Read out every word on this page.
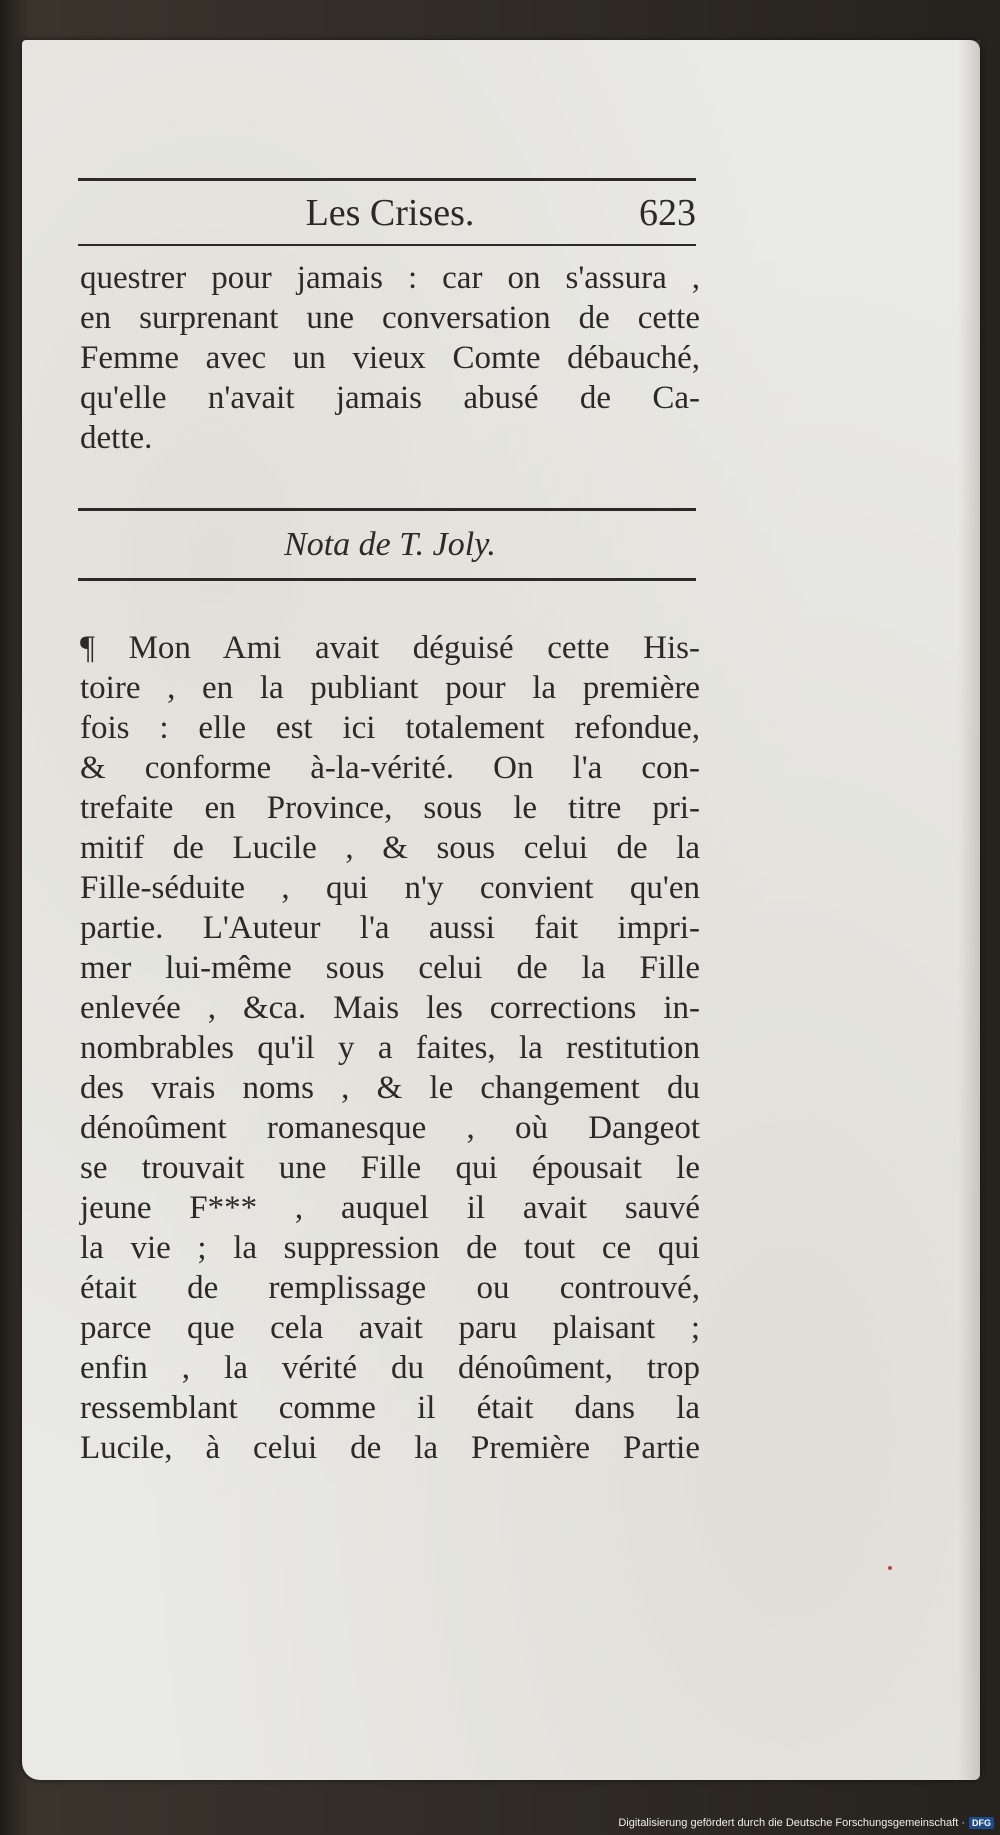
Les Crises.	623

questrer pour jamais : car on s'assura ,
en surprenant une conversation de cette
Femme avec un vieux Comte débauché,
qu'elle n'avait jamais abusé de Ca-
dette.

Nota de T. Joly.

¶ Mon Ami avait déguisé cette His-
toire , en la publiant pour la première
fois : elle est ici totalement refondue,
& conforme à-la-vérité. On l'a con-
trefaite en Province, sous le titre pri-
mitif de Lucile , & sous celui de la
Fille-séduite , qui n'y convient qu'en
partie. L'Auteur l'a aussi fait impri-
mer lui-même sous celui de la Fille
enlevée , &ca. Mais les corrections in-
nombrables qu'il y a faites, la restitution
des vrais noms , & le changement du
dénoûment romanesque , où Dangeot
se trouvait une Fille qui épousait le
jeune F*** , auquel il avait sauvé
la vie ; la suppression de tout ce qui
était de remplissage ou controuvé,
parce que cela avait paru plaisant ;
enfin , la vérité du dénoûment, trop
ressemblant comme il était dans la
Lucile, à celui de la Première Partie

Digitalisierung gefördert durch die Deutsche Forschungsgemeinschaft · DFG
